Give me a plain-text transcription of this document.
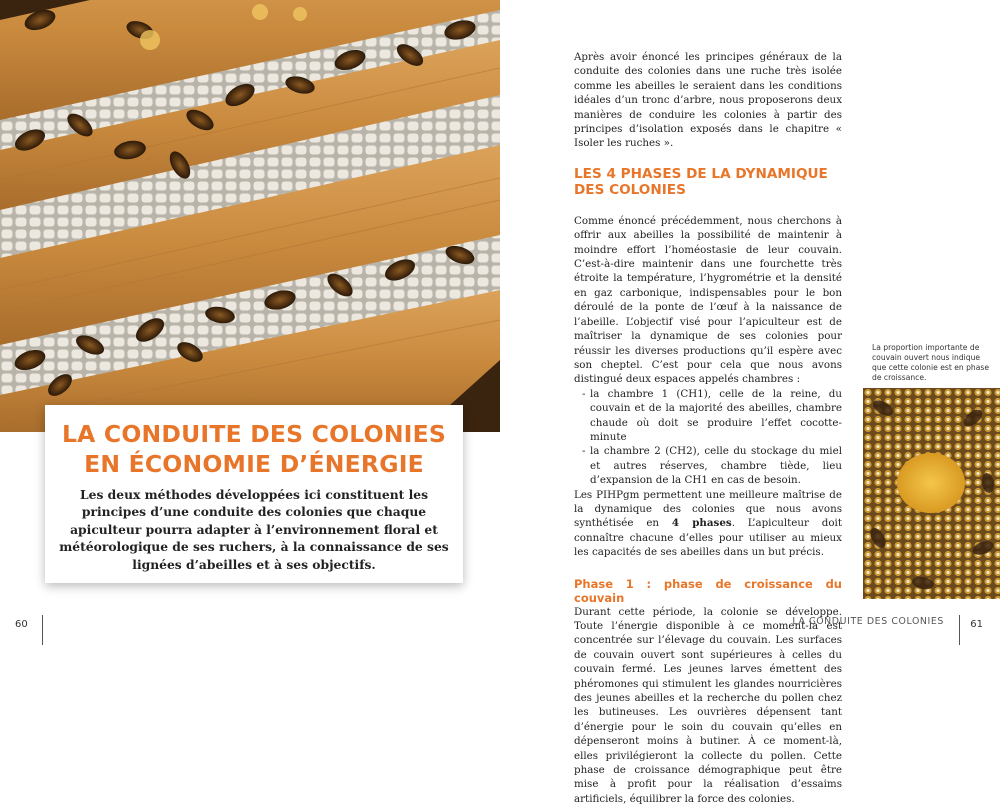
LA CONDUITE DES COLONIES
EN ÉCONOMIE D’ÉNERGIE

Les deux méthodes développées ici constituent les principes d’une conduite des colonies que chaque apiculteur pourra adapter à l’environnement floral et météorologique de ses ruchers, à la connaissance de ses lignées d’abeilles et à ses objectifs.

60

Après avoir énoncé les principes généraux de la conduite des colonies dans une ruche très isolée comme les abeilles le seraient dans les conditions idéales d’un tronc d’arbre, nous proposerons deux manières de conduire les colonies à partir des principes d’isolation exposés dans le chapitre « Isoler les ruches ».

LES 4 PHASES DE LA DYNAMIQUE DES COLONIES

Comme énoncé précédemment, nous cherchons à offrir aux abeilles la possibilité de maintenir à moindre effort l’homéostasie de leur couvain. C’est-à-dire maintenir dans une fourchette très étroite la température, l’hygrométrie et la densité en gaz carbonique, indispensables pour le bon déroulé de la ponte de l’œuf à la naissance de l’abeille. L’objectif visé pour l’apiculteur est de maîtriser la dynamique de ses colonies pour réussir les diverses productions qu’il espère avec son cheptel. C’est pour cela que nous avons distingué deux espaces appelés chambres :

- la chambre 1 (CH1), celle de la reine, du couvain et de la majorité des abeilles, chambre chaude où doit se produire l’effet cocotte-minute
- la chambre 2 (CH2), celle du stockage du miel et autres réserves, chambre tiède, lieu d’expansion de la CH1 en cas de besoin.

Les PIHPgm permettent une meilleure maîtrise de la dynamique des colonies que nous avons synthétisée en 4 phases. L’apiculteur doit connaître chacune d’elles pour utiliser au mieux les capacités de ses abeilles dans un but précis.

Phase 1 : phase de croissance du couvain

Durant cette période, la colonie se développe. Toute l’énergie disponible à ce moment-là est concentrée sur l’élevage du couvain. Les surfaces de couvain ouvert sont supérieures à celles du couvain fermé. Les jeunes larves émettent des phéromones qui stimulent les glandes nourricières des jeunes abeilles et la recherche du pollen chez les butineuses. Les ouvrières dépensent tant d’énergie pour le soin du couvain qu’elles en dépenseront moins à butiner. À ce moment-là, elles privilégieront la collecte du pollen. Cette phase de croissance démographique peut être mise à profit pour la réalisation d’essaims artificiels, équilibrer la force des colonies.

La proportion importante de couvain ouvert nous indique que cette colonie est en phase de croissance.
LA CONDUITE DES COLONIES	61
